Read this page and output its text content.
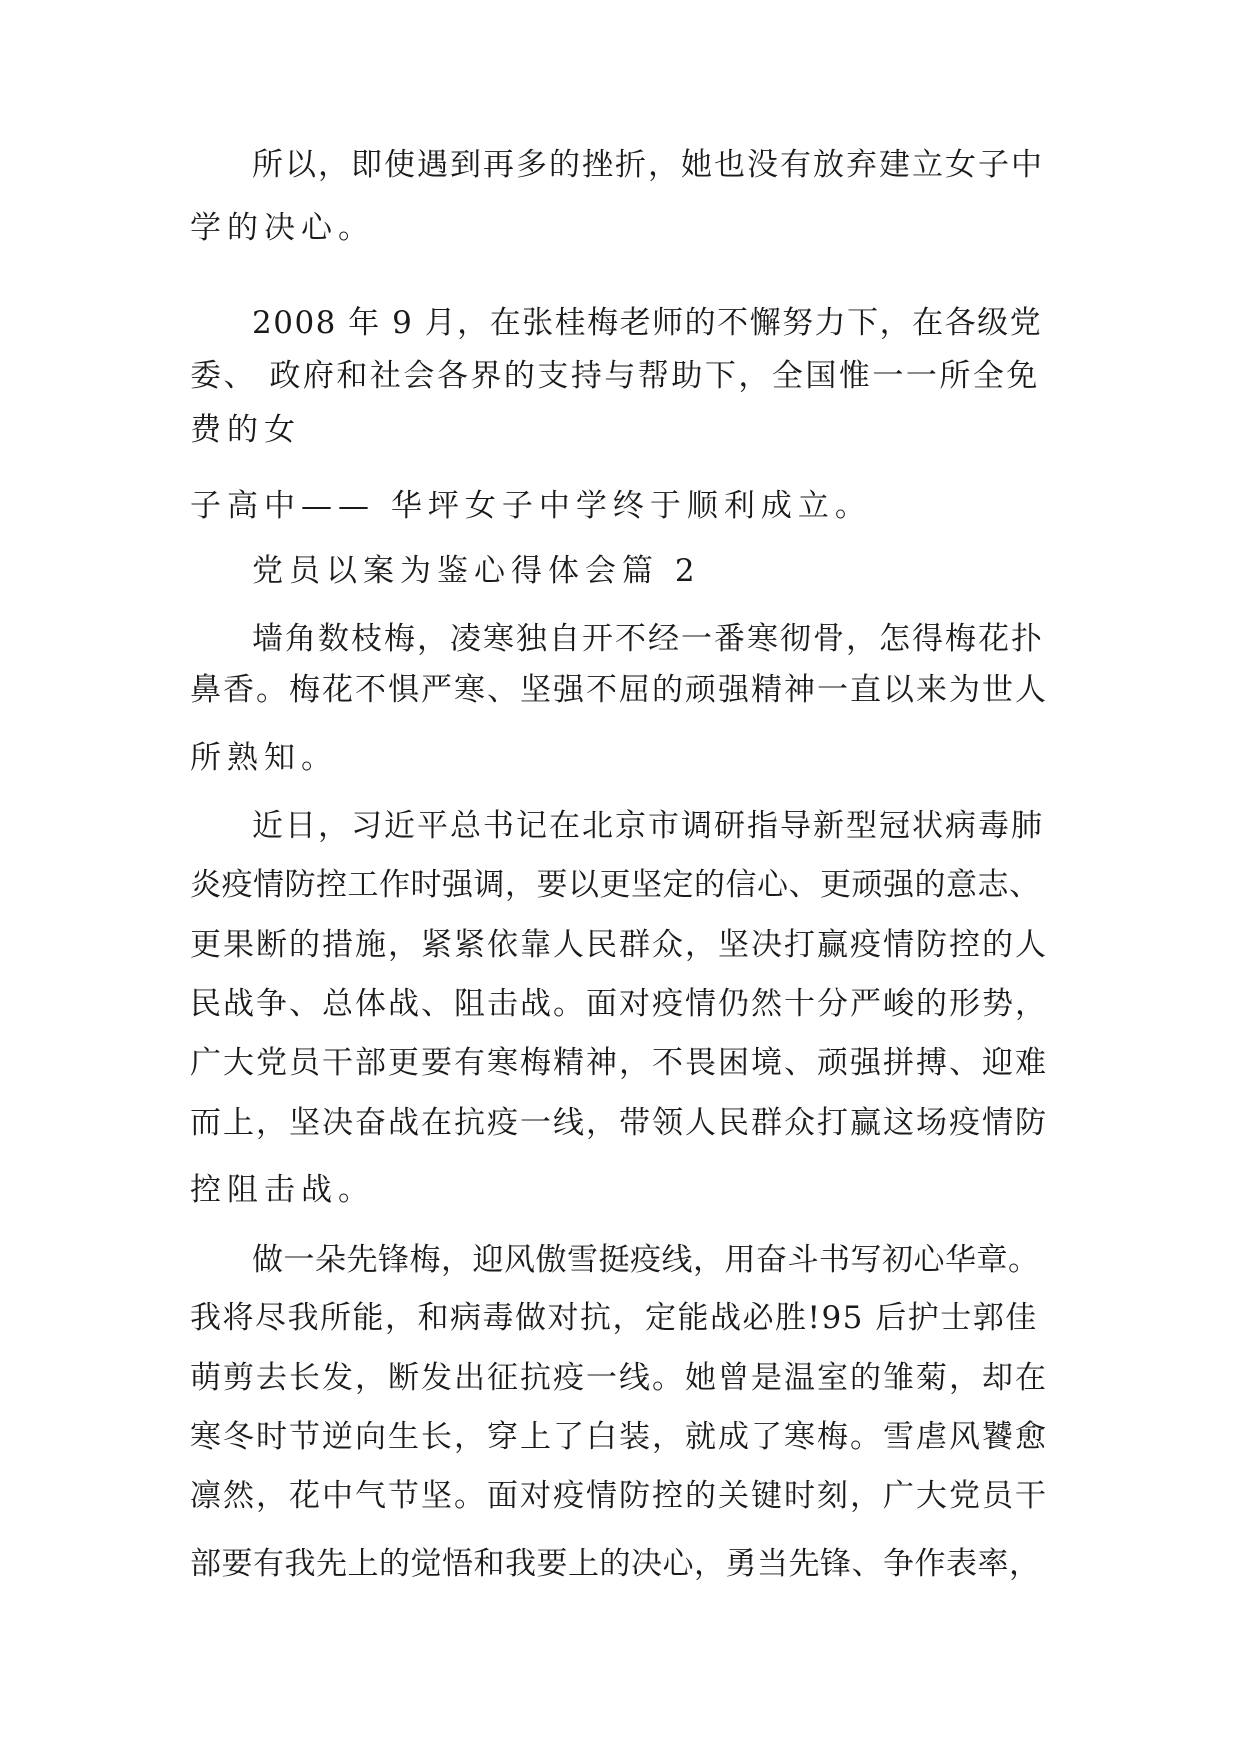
所以，即使遇到再多的挫折，她也没有放弃建立女子中
学的决心。
2008 年 9 月，在张桂梅老师的不懈努力下，在各级党
委、 政府和社会各界的支持与帮助下，全国惟一一所全免
费的女
子高中—— 华坪女子中学终于顺利成立。
党员以案为鉴心得体会篇 2
墙角数枝梅，凌寒独自开不经一番寒彻骨，怎得梅花扑
鼻香。梅花不惧严寒、坚强不屈的顽强精神一直以来为世人
所熟知。
近日，习近平总书记在北京市调研指导新型冠状病毒肺
炎疫情防控工作时强调，要以更坚定的信心、更顽强的意志、
更果断的措施，紧紧依靠人民群众，坚决打赢疫情防控的人
民战争、总体战、阻击战。面对疫情仍然十分严峻的形势，
广大党员干部更要有寒梅精神，不畏困境、顽强拼搏、迎难
而上，坚决奋战在抗疫一线，带领人民群众打赢这场疫情防
控阻击战。
做一朵先锋梅，迎风傲雪挺疫线，用奋斗书写初心华章。
我将尽我所能，和病毒做对抗，定能战必胜!95 后护士郭佳
萌剪去长发，断发出征抗疫一线。她曾是温室的雏菊，却在
寒冬时节逆向生长，穿上了白装，就成了寒梅。雪虐风饕愈
凛然，花中气节坚。面对疫情防控的关键时刻，广大党员干
部要有我先上的觉悟和我要上的决心，勇当先锋、争作表率，
